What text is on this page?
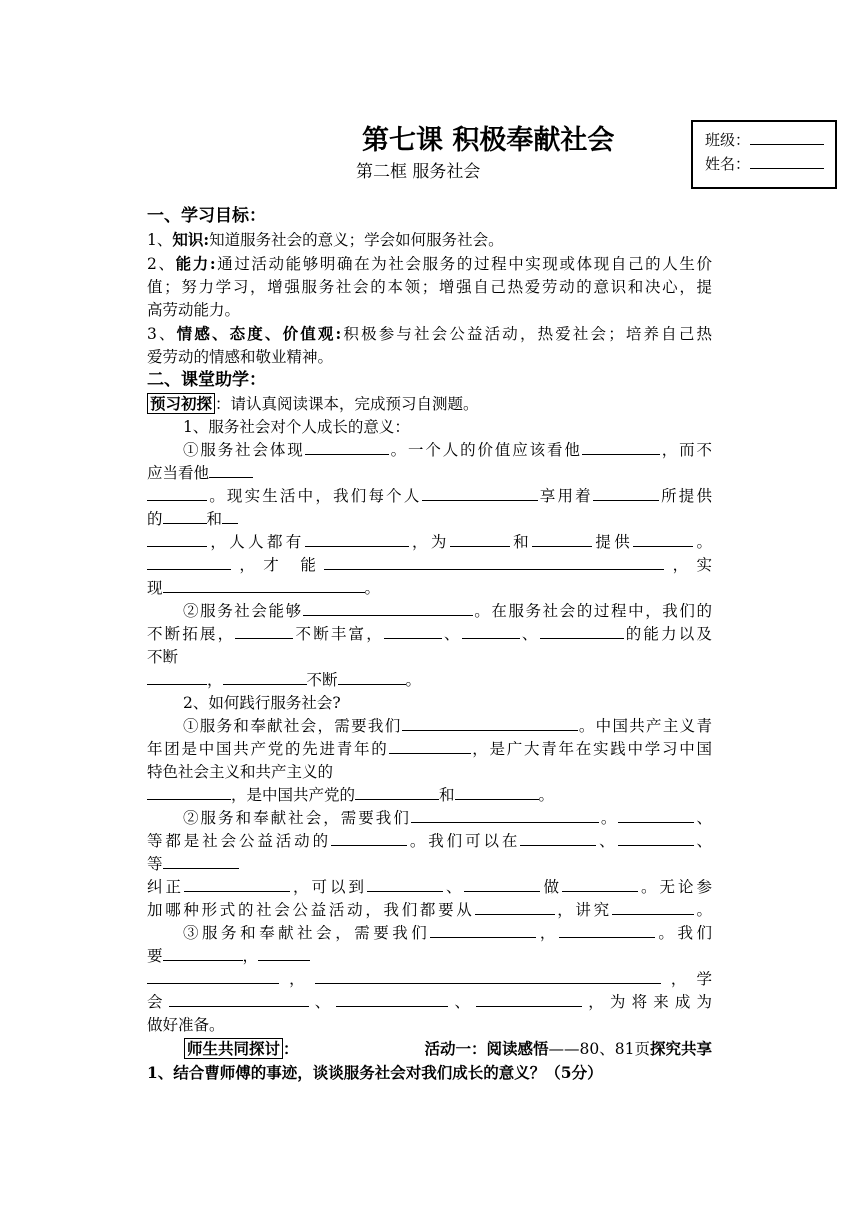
第七课 积极奉献社会
第二框 服务社会
班级：
姓名：

一、学习目标：

1、知识:知道服务社会的意义；学会如何服务社会。

2、能力:通过活动能够明确在为社会服务的过程中实现或体现自己的人生价

值；努力学习，增强服务社会的本领；增强自己热爱劳动的意识和决心，提

高劳动能力。

3、情感、态度、价值观:积极参与社会公益活动，热爱社会；培养自己热

爱劳动的情感和敬业精神。

二、课堂助学：

预习初探 ：请认真阅读课本，完成预习自测题。

1、服务社会对个人成长的意义：

①服务社会体现	。一个人的价值应该看他	，而不

应当看他

。现实生活中，我们每个人	享用着	所提供

的	和

，人人都有	，为	和	提供	。

，才 能	，实

现	。

②服务社会能够	。在服务社会的过程中，我们的

不断拓展，	不断丰富，	、	、	的能力以及

不断

，	不断	。

2、如何践行服务社会?

①服务和奉献社会，需要我们	。中国共产主义青

年团是中国共产党的先进青年的	，是广大青年在实践中学习中国

特色社会主义和共产主义的

，是中国共产党的	和	。

②服务和奉献社会，需要我们	。	、

等都是社会公益活动的	。我们可以在	、	、

等

纠正	，可以到	、	做	。无论参

加哪种形式的社会公益活动，我们都要从	，讲究	。

③服务和奉献社会，需要我们	，	。我们

要	，

，	，学

会	、	、	，为将来成为

做好准备。

师生共同探讨 ：	活动一：阅读感悟——80、81页探究共享

1、结合曹师傅的事迹，谈谈服务社会对我们成长的意义？（5分）
